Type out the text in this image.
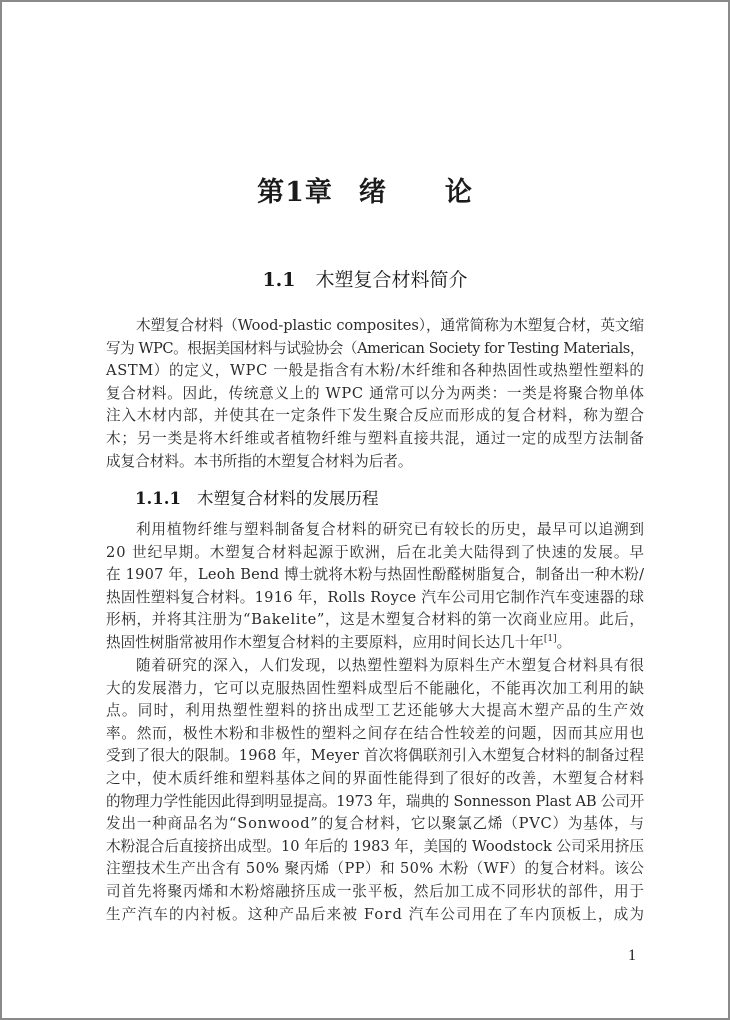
第1章 绪 论
1.1 木塑复合材料简介
木塑复合材料（Wood-plastic composites），通常简称为木塑复合材，英文缩
写为 WPC。根据美国材料与试验协会（American Society for Testing Materials，
ASTM）的定义，WPC 一般是指含有木粉/木纤维和各种热固性或热塑性塑料的
复合材料。因此，传统意义上的 WPC 通常可以分为两类：一类是将聚合物单体
注入木材内部，并使其在一定条件下发生聚合反应而形成的复合材料，称为塑合
木；另一类是将木纤维或者植物纤维与塑料直接共混，通过一定的成型方法制备
成复合材料。本书所指的木塑复合材料为后者。
1.1.1 木塑复合材料的发展历程
利用植物纤维与塑料制备复合材料的研究已有较长的历史，最早可以追溯到
20 世纪早期。木塑复合材料起源于欧洲，后在北美大陆得到了快速的发展。早
在 1907 年，Leoh Bend 博士就将木粉与热固性酚醛树脂复合，制备出一种木粉/
热固性塑料复合材料。1916 年，Rolls Royce 汽车公司用它制作汽车变速器的球
形柄，并将其注册为“Bakelite”，这是木塑复合材料的第一次商业应用。此后，
热固性树脂常被用作木塑复合材料的主要原料，应用时间长达几十年[1]。
随着研究的深入，人们发现，以热塑性塑料为原料生产木塑复合材料具有很
大的发展潜力，它可以克服热固性塑料成型后不能融化，不能再次加工利用的缺
点。同时，利用热塑性塑料的挤出成型工艺还能够大大提高木塑产品的生产效
率。然而，极性木粉和非极性的塑料之间存在结合性较差的问题，因而其应用也
受到了很大的限制。1968 年，Meyer 首次将偶联剂引入木塑复合材料的制备过程
之中，使木质纤维和塑料基体之间的界面性能得到了很好的改善，木塑复合材料
的物理力学性能因此得到明显提高。1973 年，瑞典的 Sonnesson Plast AB 公司开
发出一种商品名为“Sonwood”的复合材料，它以聚氯乙烯（PVC）为基体，与
木粉混合后直接挤出成型。10 年后的 1983 年，美国的 Woodstock 公司采用挤压
注塑技术生产出含有 50% 聚丙烯（PP）和 50% 木粉（WF）的复合材料。该公
司首先将聚丙烯和木粉熔融挤压成一张平板，然后加工成不同形状的部件，用于
生产汽车的内衬板。这种产品后来被 Ford 汽车公司用在了车内顶板上，成为
1
